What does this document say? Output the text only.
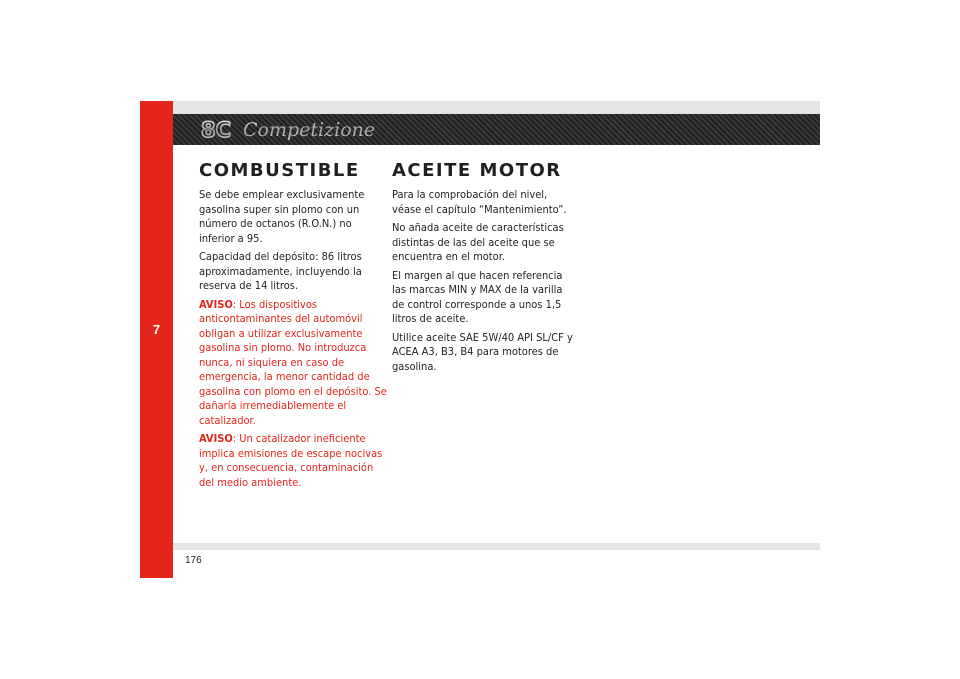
7
8C Competizione
COMBUSTIBLE

Se debe emplear exclusivamente gasolina super sin plomo con un número de octanos (R.O.N.) no inferior a 95.

Capacidad del depósito: 86 litros aproximadamente, incluyendo la reserva de 14 litros.

AVISO: Los dispositivos anticontaminantes del automóvil obligan a utilizar exclusivamente gasolina sin plomo. No introduzca nunca, ni siquiera en caso de emergencia, la menor cantidad de gasolina con plomo en el depósito. Se dañaría irremediablemente el catalizador.

AVISO: Un catalizador ineficiente implica emisiones de escape nocivas y, en consecuencia, contaminación del medio ambiente.

ACEITE MOTOR

Para la comprobación del nivel, véase el capítulo “Mantenimiento”.

No añada aceite de características distintas de las del aceite que se encuentra en el motor.

El margen al que hacen referencia las marcas MIN y MAX de la varilla de control corresponde a unos 1,5 litros de aceite.

Utilice aceite SAE 5W/40 API SL/CF y ACEA A3, B3, B4 para motores de gasolina.

176
